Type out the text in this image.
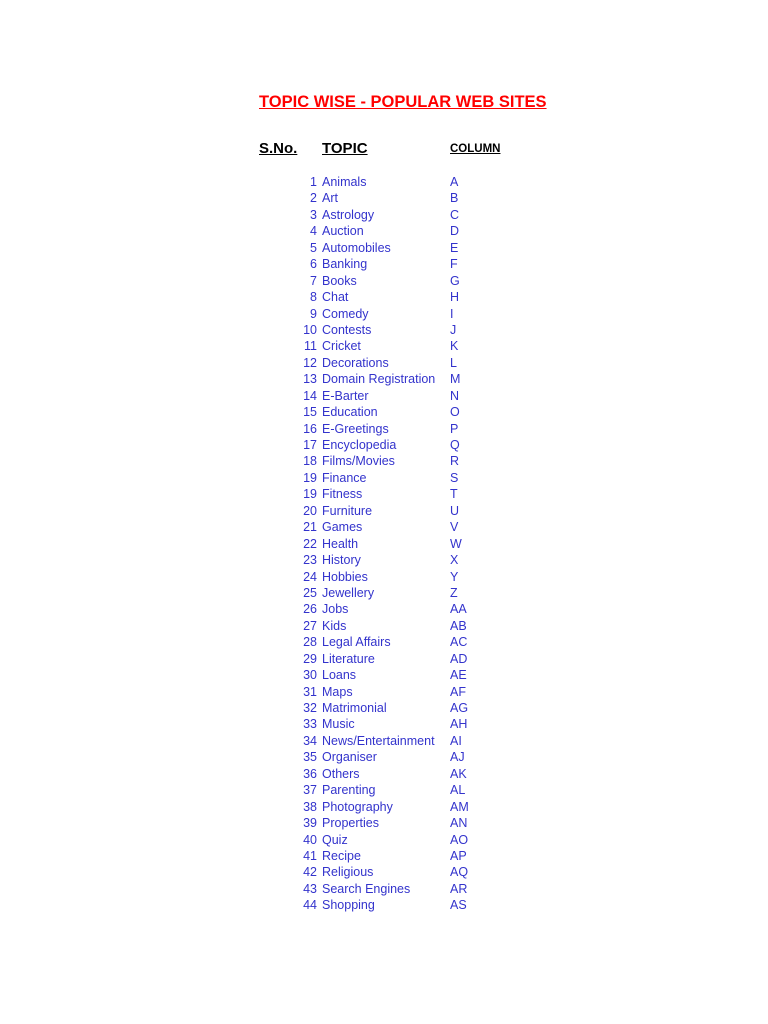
TOPIC WISE - POPULAR WEB SITES
S.No. TOPIC	COLUMN
1 Animals	A
2 Art	B
3 Astrology	C
4 Auction	D
5 Automobiles	E
6 Banking	F
7 Books	G
8 Chat	H
9 Comedy	I
10 Contests	J
11 Cricket	K
12 Decorations	L
13 Domain Registration M
14 E-Barter	N
15 Education	O
16 E-Greetings	P
17 Encyclopedia	Q
18 Films/Movies	R
19 Finance	S
19 Fitness	T
20 Furniture	U
21 Games	V
22 Health	W
23 History	X
24 Hobbies	Y
25 Jewellery	Z
26 Jobs	AA
27 Kids	AB
28 Legal Affairs	AC
29 Literature	AD
30 Loans	AE
31 Maps	AF
32 Matrimonial	AG
33 Music	AH
34 News/Entertainment AI
35 Organiser	AJ
36 Others	AK
37 Parenting	AL
38 Photography	AM
39 Properties	AN
40 Quiz	AO
41 Recipe	AP
42 Religious	AQ
43 Search Engines	AR
44 Shopping	AS
